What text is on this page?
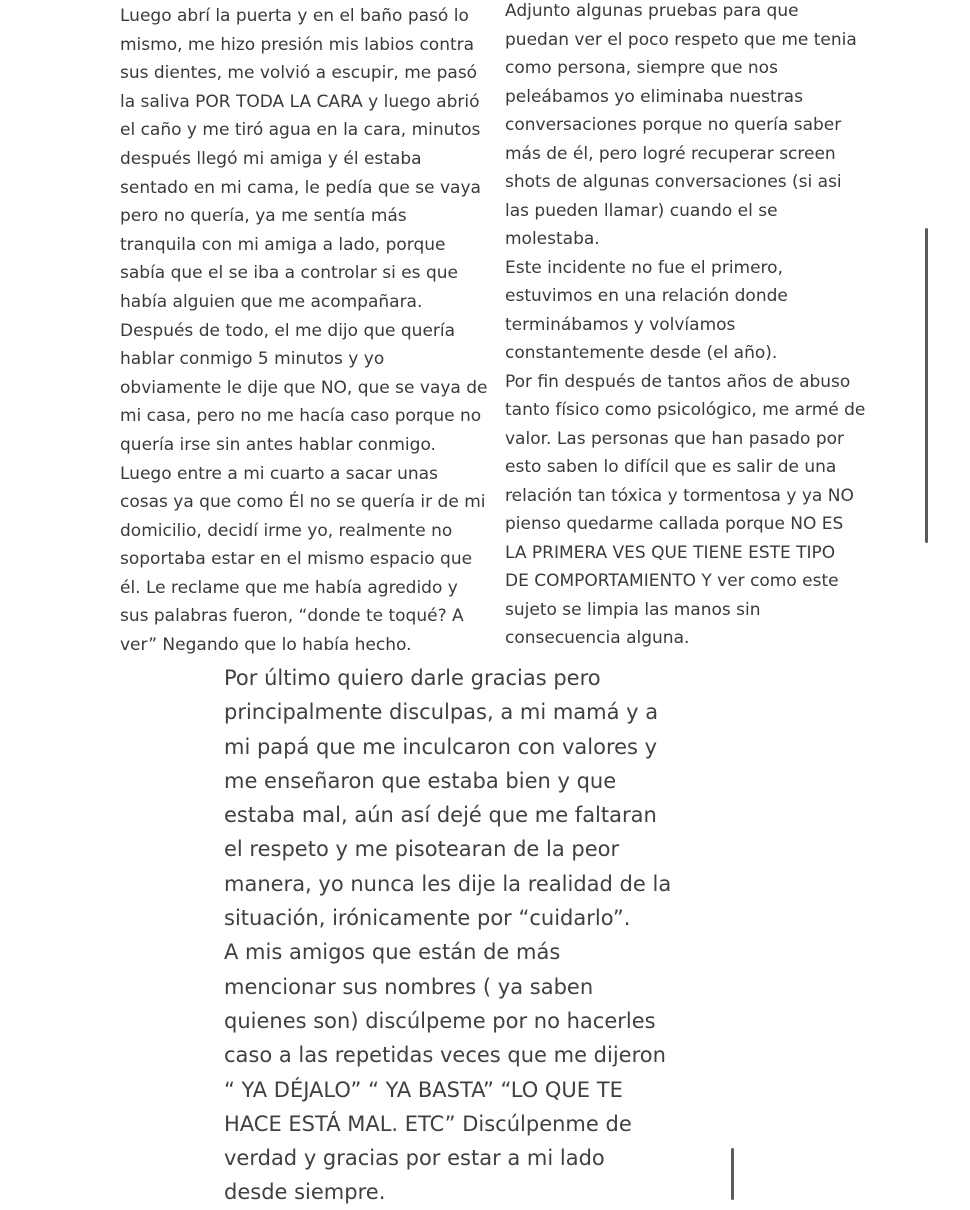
Luego abrí la puerta y en el baño pasó lo
mismo, me hizo presión mis labios contra
sus dientes, me volvió a escupir, me pasó
la saliva POR TODA LA CARA y luego abrió
el caño y me tiró agua en la cara, minutos
después llegó mi amiga y él estaba
sentado en mi cama, le pedía que se vaya
pero no quería, ya me sentía más
tranquila con mi amiga a lado, porque
sabía que el se iba a controlar si es que
había alguien que me acompañara.
Después de todo, el me dijo que quería
hablar conmigo 5 minutos y yo
obviamente le dije que NO, que se vaya de
mi casa, pero no me hacía caso porque no
quería irse sin antes hablar conmigo.
Luego entre a mi cuarto a sacar unas
cosas ya que como Él no se quería ir de mi
domicilio, decidí irme yo, realmente no
soportaba estar en el mismo espacio que
él. Le reclame que me había agredido y
sus palabras fueron, “donde te toqué? A
ver” Negando que lo había hecho.
Adjunto algunas pruebas para que
puedan ver el poco respeto que me tenia
como persona, siempre que nos
peleábamos yo eliminaba nuestras
conversaciones porque no quería saber
más de él, pero logré recuperar screen
shots de algunas conversaciones (si asi
las pueden llamar) cuando el se
molestaba.
Este incidente no fue el primero,
estuvimos en una relación donde
terminábamos y volvíamos
constantemente desde (el año).
Por fin después de tantos años de abuso
tanto físico como psicológico, me armé de
valor. Las personas que han pasado por
esto saben lo difícil que es salir de una
relación tan tóxica y tormentosa y ya NO
pienso quedarme callada porque NO ES
LA PRIMERA VES QUE TIENE ESTE TIPO
DE COMPORTAMIENTO Y ver como este
sujeto se limpia las manos sin
consecuencia alguna.
Por último quiero darle gracias pero
principalmente disculpas, a mi mamá y a
mi papá que me inculcaron con valores y
me enseñaron que estaba bien y que
estaba mal, aún así dejé que me faltaran
el respeto y me pisotearan de la peor
manera, yo nunca les dije la realidad de la
situación, irónicamente por “cuidarlo”.
A mis amigos que están de más
mencionar sus nombres ( ya saben
quienes son) discúlpeme por no hacerles
caso a las repetidas veces que me dijeron
“ YA DÉJALO” “ YA BASTA” “LO QUE TE
HACE ESTÁ MAL. ETC” Discúlpenme de
verdad y gracias por estar a mi lado
desde siempre.
